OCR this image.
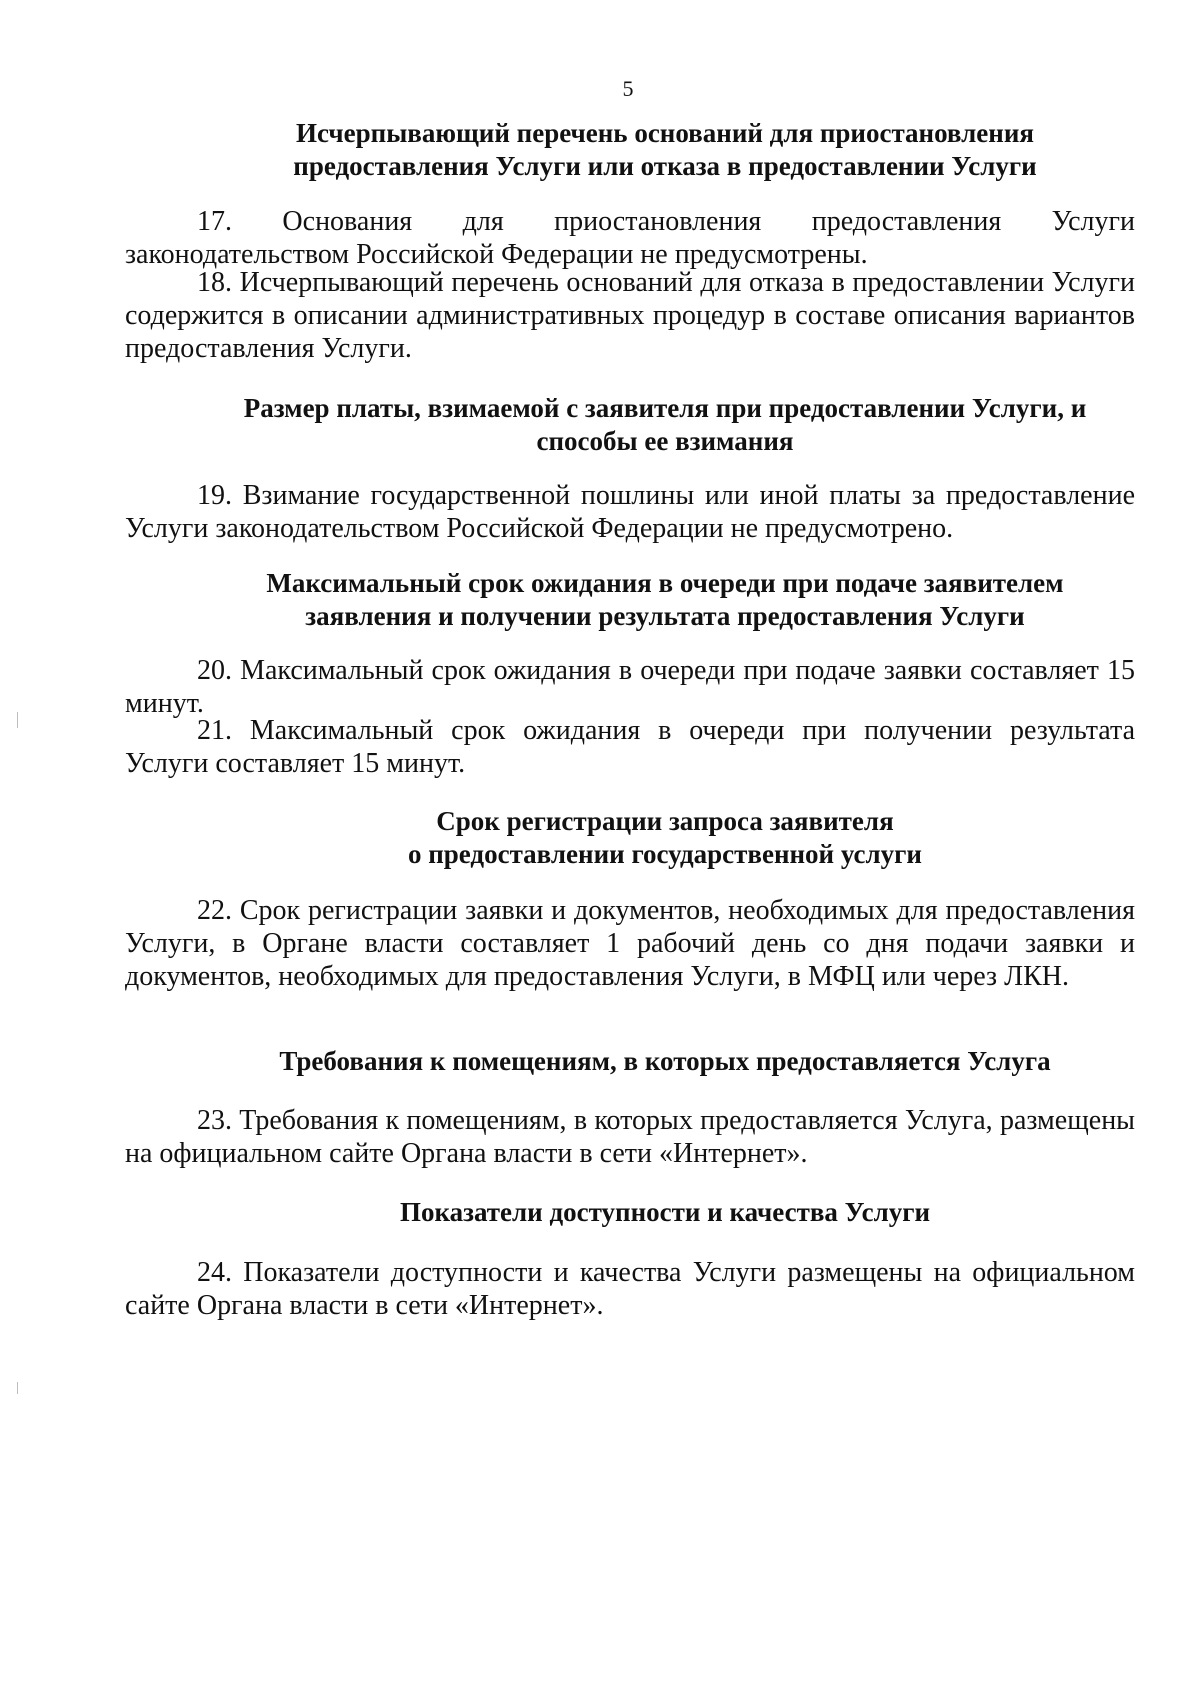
5
Исчерпывающий перечень оснований для приостановления
предоставления Услуги или отказа в предоставлении Услуги

17. Основания для приостановления предоставления Услуги законодательством Российской Федерации не предусмотрены.

18. Исчерпывающий перечень оснований для отказа в предоставлении Услуги содержится в описании административных процедур в составе описания вариантов предоставления Услуги.

Размер платы, взимаемой с заявителя при предоставлении Услуги, и
способы ее взимания

19. Взимание государственной пошлины или иной платы за предоставление Услуги законодательством Российской Федерации не предусмотрено.

Максимальный срок ожидания в очереди при подаче заявителем
заявления и получении результата предоставления Услуги

20. Максимальный срок ожидания в очереди при подаче заявки составляет 15 минут.

21. Максимальный срок ожидания в очереди при получении результата Услуги составляет 15 минут.

Срок регистрации запроса заявителя
о предоставлении государственной услуги

22. Срок регистрации заявки и документов, необходимых для предоставления Услуги, в Органе власти составляет 1 рабочий день со дня подачи заявки и документов, необходимых для предоставления Услуги, в МФЦ или через ЛКН.

Требования к помещениям, в которых предоставляется Услуга

23. Требования к помещениям, в которых предоставляется Услуга, размещены на официальном сайте Органа власти в сети «Интернет».

Показатели доступности и качества Услуги

24. Показатели доступности и качества Услуги размещены на официальном сайте Органа власти в сети «Интернет».
